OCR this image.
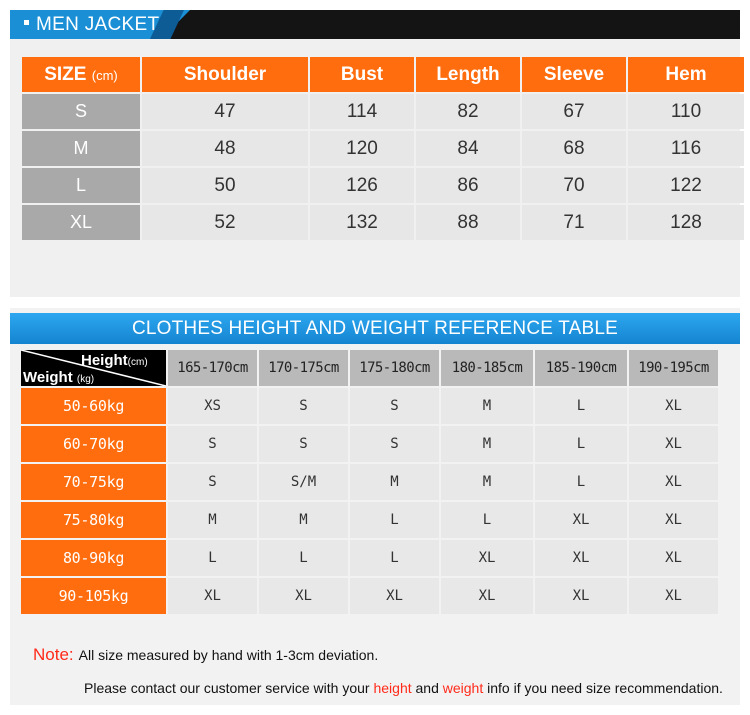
MEN JACKET
SIZE (cm)	Shoulder	Bust	Length	Sleeve	Hem
S	47	114	82	67	110
M	48	120	84	68	116
L	50	126	86	70	122
XL	52	132	88	71	128
CLOTHES HEIGHT AND WEIGHT REFERENCE TABLE
Height(cm)
Weight (kg)	165-170cm	170-175cm	175-180cm	180-185cm	185-190cm	190-195cm
50-60kg	XS	S	S	M	L	XL
60-70kg	S	S	S	M	L	XL
70-75kg	S	S/M	M	M	L	XL
75-80kg	M	M	L	L	XL	XL
80-90kg	L	L	L	XL	XL	XL
90-105kg	XL	XL	XL	XL	XL	XL
Note: All size measured by hand with 1-3cm deviation.
Please contact our customer service with your height and weight info if you need size recommendation.
